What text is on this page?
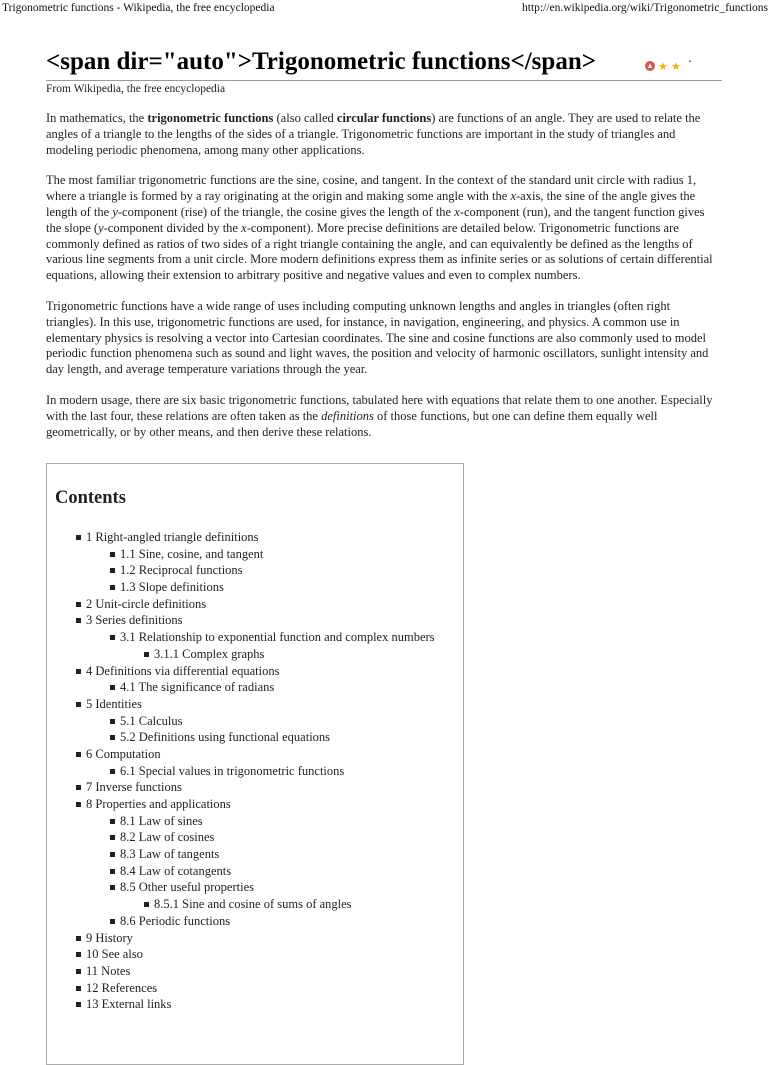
Trigonometric functions - Wikipedia, the free encyclopedia	http://en.wikipedia.org/wiki/Trigonometric_functions
<span dir="auto">Trigonometric functions</span>	★ ★ ·
From Wikipedia, the free encyclopedia

In mathematics, the trigonometric functions (also called circular functions) are functions of an angle. They are used to relate the angles of a triangle to the lengths of the sides of a triangle. Trigonometric functions are important in the study of triangles and modeling periodic phenomena, among many other applications.

The most familiar trigonometric functions are the sine, cosine, and tangent. In the context of the standard unit circle with radius 1, where a triangle is formed by a ray originating at the origin and making some angle with the x-axis, the sine of the angle gives the length of the y-component (rise) of the triangle, the cosine gives the length of the x-component (run), and the tangent function gives the slope (y-component divided by the x-component). More precise definitions are detailed below. Trigonometric functions are commonly defined as ratios of two sides of a right triangle containing the angle, and can equivalently be defined as the lengths of various line segments from a unit circle. More modern definitions express them as infinite series or as solutions of certain differential equations, allowing their extension to arbitrary positive and negative values and even to complex numbers.

Trigonometric functions have a wide range of uses including computing unknown lengths and angles in triangles (often right triangles). In this use, trigonometric functions are used, for instance, in navigation, engineering, and physics. A common use in elementary physics is resolving a vector into Cartesian coordinates. The sine and cosine functions are also commonly used to model periodic function phenomena such as sound and light waves, the position and velocity of harmonic oscillators, sunlight intensity and day length, and average temperature variations through the year.

In modern usage, there are six basic trigonometric functions, tabulated here with equations that relate them to one another. Especially with the last four, these relations are often taken as the definitions of those functions, but one can define them equally well geometrically, or by other means, and then derive these relations.

Contents
1 Right-angled triangle definitions
1.1 Sine, cosine, and tangent
1.2 Reciprocal functions
1.3 Slope definitions
2 Unit-circle definitions
3 Series definitions
3.1 Relationship to exponential function and complex numbers
3.1.1 Complex graphs
4 Definitions via differential equations
4.1 The significance of radians
5 Identities
5.1 Calculus
5.2 Definitions using functional equations
6 Computation
6.1 Special values in trigonometric functions
7 Inverse functions
8 Properties and applications
8.1 Law of sines
8.2 Law of cosines
8.3 Law of tangents
8.4 Law of cotangents
8.5 Other useful properties
8.5.1 Sine and cosine of sums of angles
8.6 Periodic functions
9 History
10 See also
11 Notes
12 References
13 External links
